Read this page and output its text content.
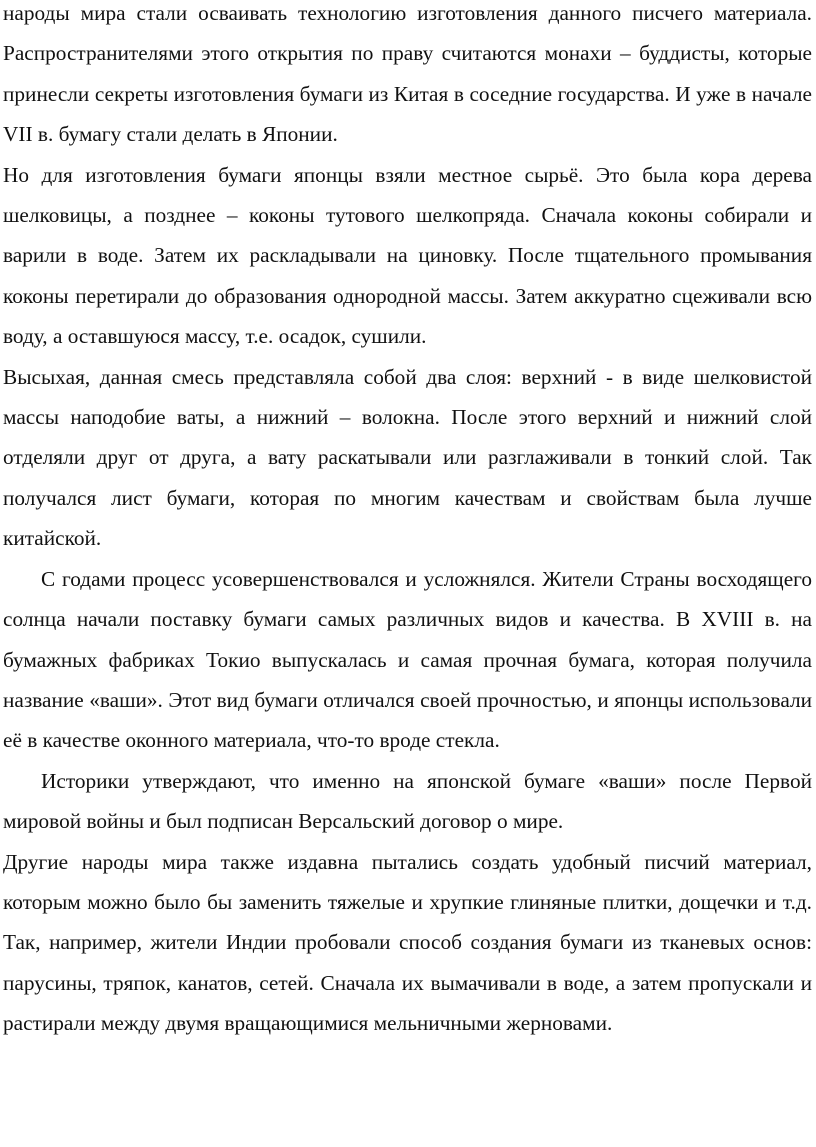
народы мира стали осваивать технологию изготовления данного писчего материала. Распространителями этого открытия по праву считаются монахи – буддисты, которые принесли секреты изготовления бумаги из Китая в соседние государства. И уже в начале VII в. бумагу стали делать в Японии.

Но для изготовления бумаги японцы взяли местное сырьё. Это была кора дерева шелковицы, а позднее – коконы тутового шелкопряда. Сначала коконы собирали и варили в воде. Затем их раскладывали на циновку. После тщательного промывания коконы перетирали до образования однородной массы. Затем аккуратно сцеживали всю воду, а оставшуюся массу, т.е. осадок, сушили.

Высыхая, данная смесь представляла собой два слоя: верхний - в виде шелковистой массы наподобие ваты, а нижний – волокна. После этого верхний и нижний слой отделяли друг от друга, а вату раскатывали или разглаживали в тонкий слой. Так получался лист бумаги, которая по многим качествам и свойствам была лучше китайской.

С годами процесс усовершенствовался и усложнялся. Жители Страны восходящего солнца начали поставку бумаги самых различных видов и качества. В XVIII в. на бумажных фабриках Токио выпускалась и самая прочная бумага, которая получила название «ваши». Этот вид бумаги отличался своей прочностью, и японцы использовали её в качестве оконного материала, что-то вроде стекла.

Историки утверждают, что именно на японской бумаге «ваши» после Первой мировой войны и был подписан Версальский договор о мире.

Другие народы мира также издавна пытались создать удобный писчий материал, которым можно было бы заменить тяжелые и хрупкие глиняные плитки, дощечки и т.д. Так, например, жители Индии пробовали способ создания бумаги из тканевых основ: парусины, тряпок, канатов, сетей. Сначала их вымачивали в воде, а затем пропускали и растирали между двумя вращающимися мельничными жерновами.
